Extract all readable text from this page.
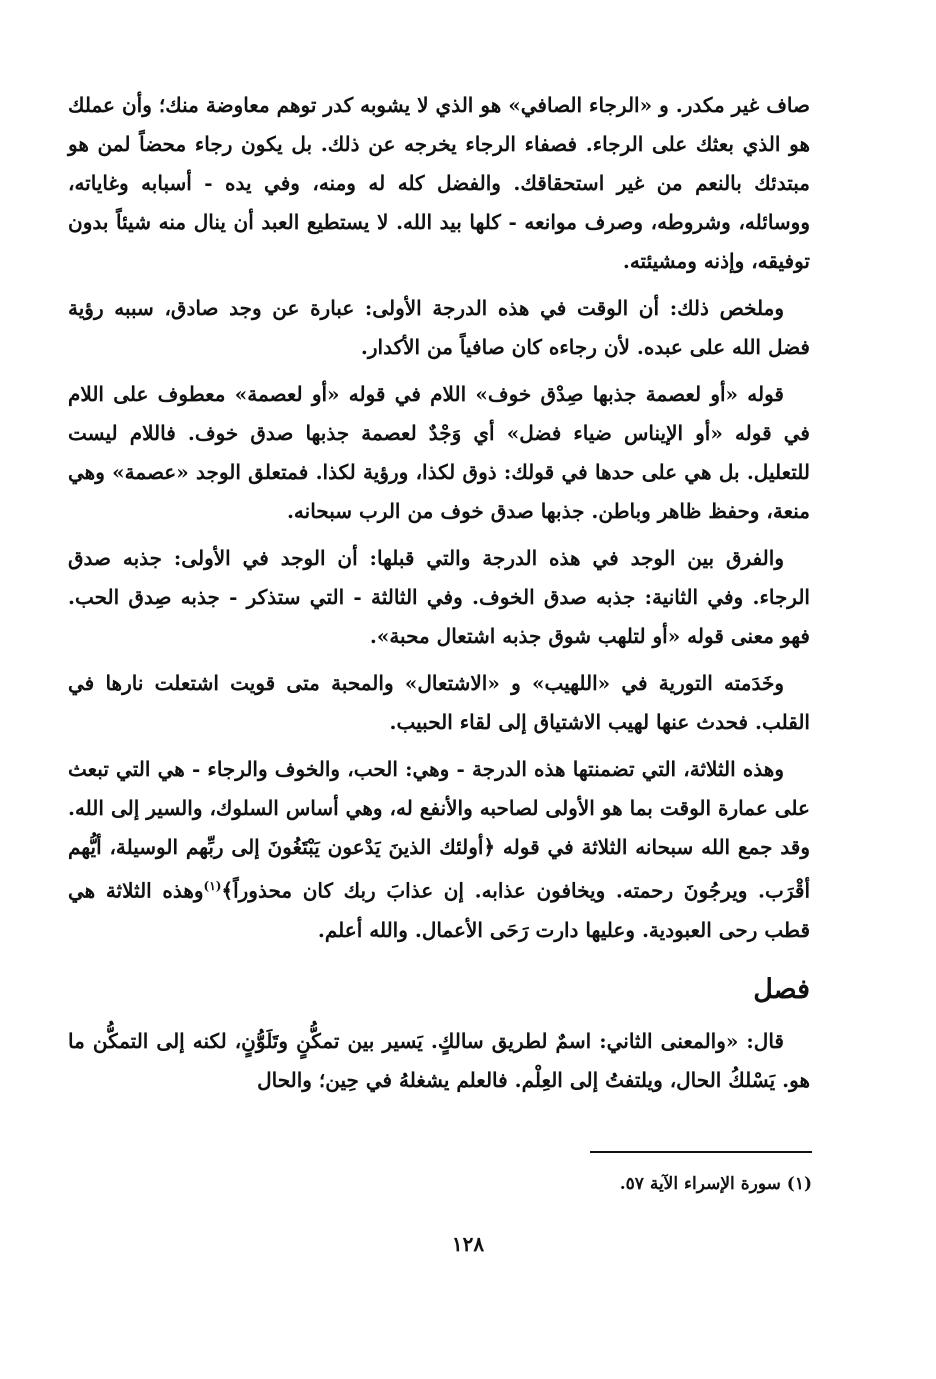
صاف غير مكدر. و «الرجاء الصافي» هو الذي لا يشوبه كدر توهم معاوضة منك؛ وأن عملك هو الذي بعثك على الرجاء. فصفاء الرجاء يخرجه عن ذلك. بل يكون رجاء محضاً لمن هو مبتدئك بالنعم من غير استحقاقك. والفضل كله له ومنه، وفي يده - أسبابه وغاياته، ووسائله، وشروطه، وصرف موانعه - كلها بيد الله. لا يستطيع العبد أن ينال منه شيئاً بدون توفيقه، وإذنه ومشيئته.

وملخص ذلك: أن الوقت في هذه الدرجة الأولى: عبارة عن وجد صادق، سببه رؤية فضل الله على عبده. لأن رجاءه كان صافياً من الأكدار.

قوله «أو لعصمة جذبها صِدْق خوف» اللام في قوله «أو لعصمة» معطوف على اللام في قوله «أو الإيناس ضياء فضل» أي وَجْدٌ لعصمة جذبها صدق خوف. فاللام ليست للتعليل. بل هي على حدها في قولك: ذوق لكذا، ورؤية لكذا. فمتعلق الوجد «عصمة» وهي منعة، وحفظ ظاهر وباطن. جذبها صدق خوف من الرب سبحانه.

والفرق بين الوجد في هذه الدرجة والتي قبلها: أن الوجد في الأولى: جذبه صدق الرجاء. وفي الثانية: جذبه صدق الخوف. وفي الثالثة - التي ستذكر - جذبه صِدق الحب. فهو معنى قوله «أو لتلهب شوق جذبه اشتعال محبة».

وخَدَمته التورية في «اللهيب» و «الاشتعال» والمحبة متى قويت اشتعلت نارها في القلب. فحدث عنها لهيب الاشتياق إلى لقاء الحبيب.

وهذه الثلاثة، التي تضمنتها هذه الدرجة - وهي: الحب، والخوف والرجاء - هي التي تبعث على عمارة الوقت بما هو الأولى لصاحبه والأنفع له، وهي أساس السلوك، والسير إلى الله. وقد جمع الله سبحانه الثلاثة في قوله ﴿أولئك الذينَ يَدْعون يَبْتَغُونَ إلى ربِّهم الوسيلة، أيُّهم أقْرَب. ويرجُونَ رحمته. ويخافون عذابه. إن عذابَ ربك كان محذوراً﴾$^{(١)}$وهذه الثلاثة هي قطب رحى العبودية. وعليها دارت رَحَى الأعمال. والله أعلم.

فصل

قال: «والمعنى الثاني: اسمٌ لطريق سالكٍ. يَسير بين تمكُّنٍ وتَلَوُّنٍ، لكنه إلى التمكُّن ما هو. يَسْلكُ الحال، ويلتفتُ إلى العِلْم. فالعلم يشغلهُ في حِين؛ والحال

(١) سورة الإسراء الآية ٥٧.
١٢٨
